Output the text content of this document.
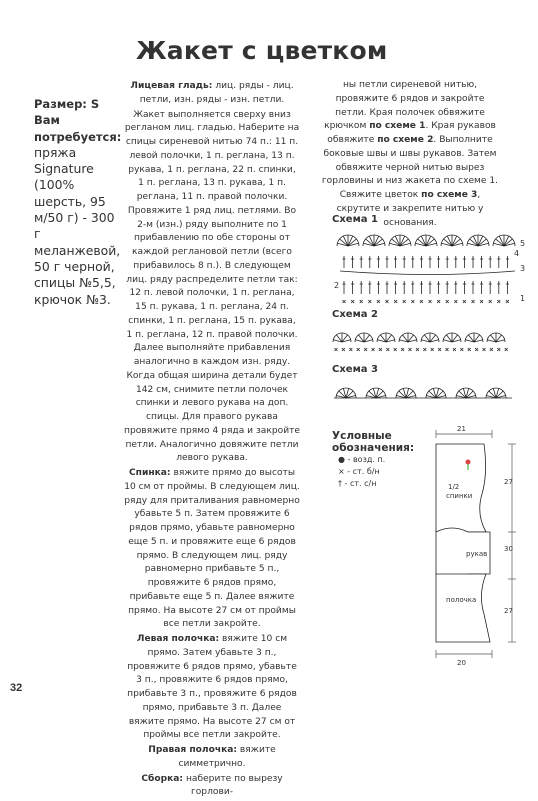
Жакет с цветком

Размер: S

Вам потребуется:

пряжа Signature (100% шерсть, 95 м/50 г) - 300 г меланжевой, 50 г черной, спицы №5,5, крючок №3.

Лицевая гладь: лиц. ряды - лиц. петли, изн. ряды - изн. петли.

Жакет выполняется сверху вниз регланом лиц. гладью. Наберите на спицы сиреневой нитью 74 п.: 11 п. левой полочки, 1 п. реглана, 13 п. рукава, 1 п. реглана, 22 п. спинки, 1 п. реглана, 13 п. рукава, 1 п. реглана, 11 п. правой полочки. Провяжите 1 ряд лиц. петлями. Во 2-м (изн.) ряду выполните по 1 прибавлению по обе стороны от каждой реглановой петли (всего прибавилось 8 п.). В следующем лиц. ряду распределите петли так: 12 п. левой полочки, 1 п. реглана, 15 п. рукава, 1 п. реглана, 24 п. спинки, 1 п. реглана, 15 п. рукава, 1 п. реглана, 12 п. правой полочки. Далее выполняйте прибавления аналогично в каждом изн. ряду. Когда общая ширина детали будет 142 см, снимите петли полочек спинки и левого рукава на доп. спицы. Для правого рукава провяжите прямо 4 ряда и закройте петли. Аналогично довяжите петли левого рукава.

Спинка: вяжите прямо до высоты 10 см от проймы. В следующем лиц. ряду для приталивания равномерно убавьте 5 п. Затем провяжите 6 рядов прямо, убавьте равномерно еще 5 п. и провяжите еще 6 рядов прямо. В следующем лиц. ряду равномерно прибавьте 5 п., провяжите 6 рядов прямо, прибавьте еще 5 п. Далее вяжите прямо. На высоте 27 см от проймы все петли закройте.

Левая полочка: вяжите 10 см прямо. Затем убавьте 3 п., провяжите 6 рядов прямо, убавьте 3 п., провяжите 6 рядов прямо, прибавьте 3 п., провяжите 6 рядов прямо, прибавьте 3 п. Далее вяжите прямо. На высоте 27 см от проймы все петли закройте.

Правая полочка: вяжите симметрично.

Сборка: наберите по вырезу горлови-

ны петли сиреневой нитью, провяжите 6 рядов и закройте петли. Края полочек обвяжите крючком по схеме 1. Края рукавов обвяжите по схеме 2. Выполните боковые швы и швы рукавов. Затем обвяжите черной нитью вырез горловины и низ жакета по схеме 1. Свяжите цветок по схеме 3, скрутите и закрепите нитью у основания.

Схема 1
Схема 2
Схема 3
5
4
3
2
1
Условные обозначения:
● - возд. п.
× - ст. б/н
† - ст. с/н
21
27
30
27
20
1/2
спинки
рукав
полочка
32
